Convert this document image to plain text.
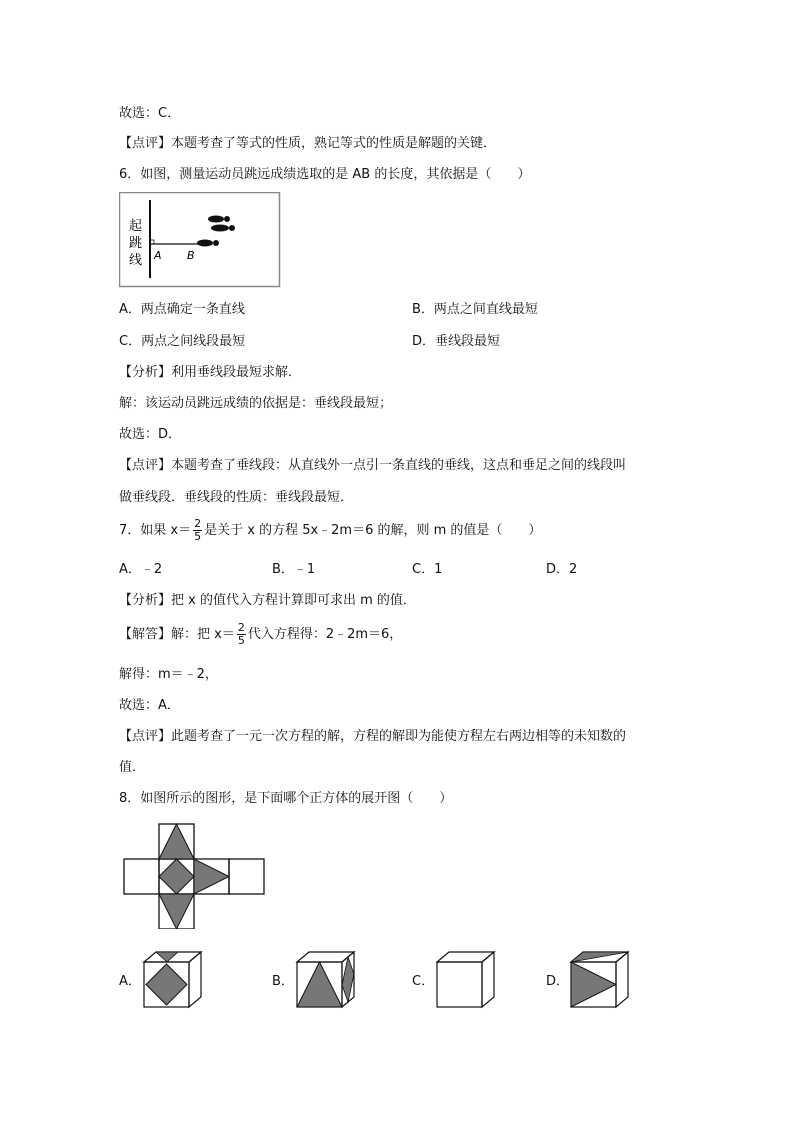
故选：C．
【点评】本题考查了等式的性质，熟记等式的性质是解题的关键．
6．如图，测量运动员跳远成绩选取的是 AB 的长度，其依据是（　　）
起
跳
线 A B
A．两点确定一条直线	B．两点之间直线最短
C．两点之间线段最短	D．垂线段最短
【分析】利用垂线段最短求解．
解：该运动员跳远成绩的依据是：垂线段最短；
故选：D．
【点评】本题考查了垂线段：从直线外一点引一条直线的垂线，这点和垂足之间的线段叫
做垂线段．垂线段的性质：垂线段最短．
7．如果 $x= \frac{2}{5}$ 是关于 x 的方程 5x﹣2m＝6 的解，则 m 的值是（　　）
A．﹣2	B．﹣1	C．1	D．2
【分析】把 x 的值代入方程计算即可求出 m 的值．
【解答】解：把 $x= \frac{2}{5}$ 代入方程得：2﹣2m＝6，
解得：m＝﹣2，
故选：A．
【点评】此题考查了一元一次方程的解，方程的解即为能使方程左右两边相等的未知数的
值．
8．如图所示的图形，是下面哪个正方体的展开图（　　）
A．	B．	C．	D．
